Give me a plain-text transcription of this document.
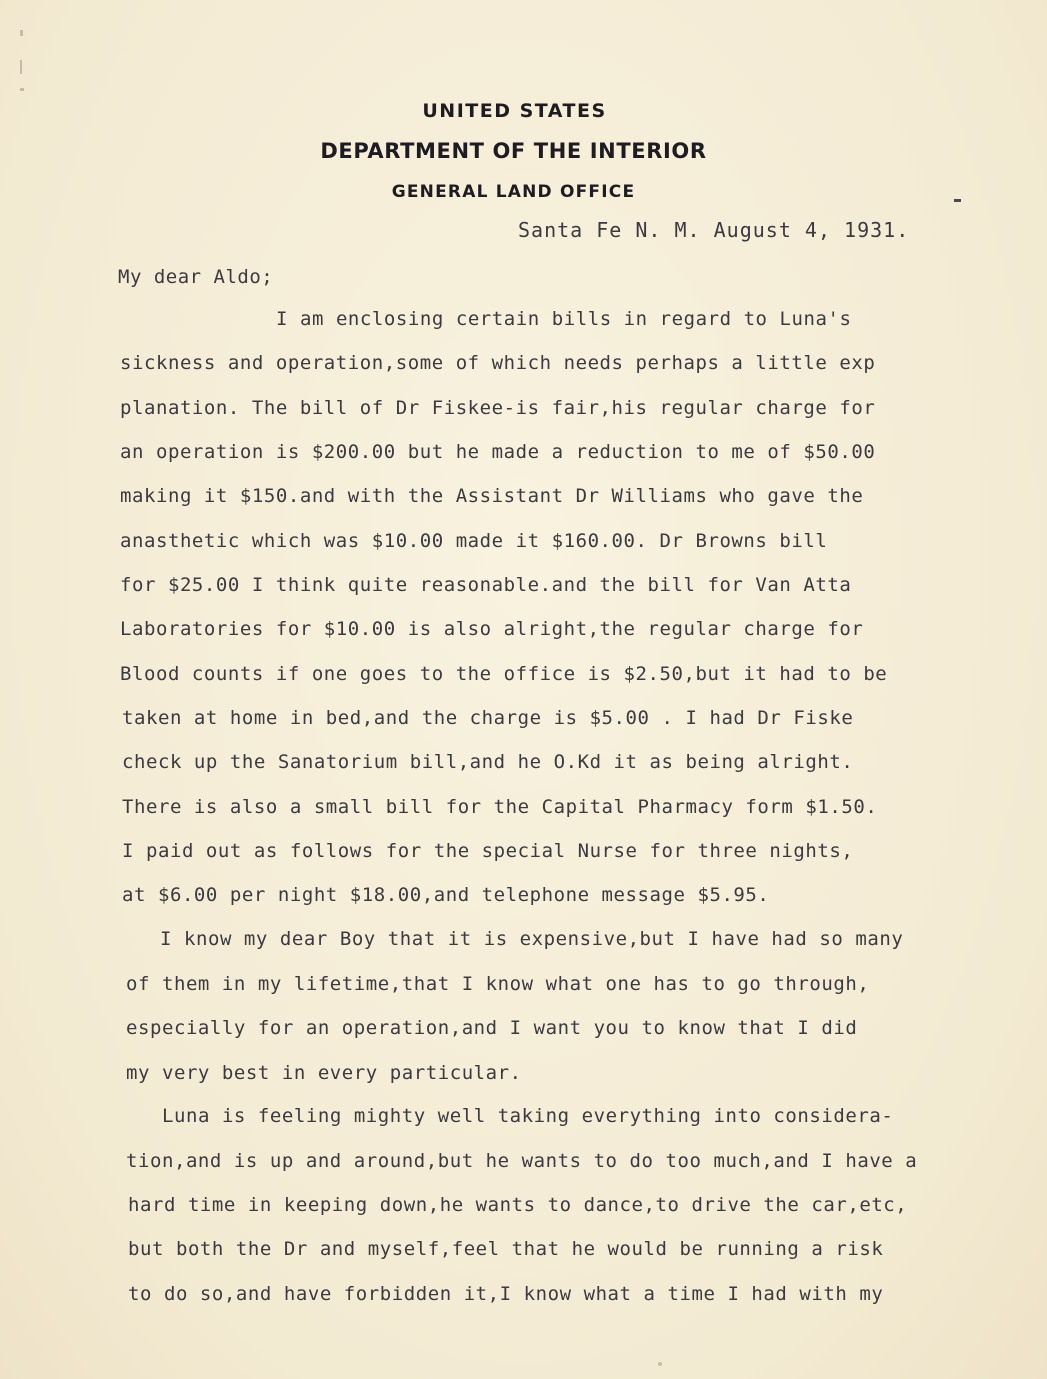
UNITED STATES
DEPARTMENT OF THE INTERIOR
GENERAL LAND OFFICE
Santa Fe N. M. August 4, 1931.
My dear Aldo;
I am enclosing certain bills in regard to Luna's
sickness and operation,some of which needs perhaps a little exp
planation. The bill of Dr Fiskee-is fair,his regular charge for
an operation is $200.00 but he made a reduction to me of $50.00
making it $150.and with the Assistant Dr Williams who gave the
anasthetic which was $10.00 made it $160.00. Dr Browns bill
for $25.00 I think quite reasonable.and the bill for Van Atta
Laboratories for $10.00 is also alright,the regular charge for
Blood counts if one goes to the office is $2.50,but it had to be
taken at home in bed,and the charge is $5.00 . I had Dr Fiske
check up the Sanatorium bill,and he O.Kd it as being alright.
There is also a small bill for the Capital Pharmacy form $1.50.
I paid out as follows for the special Nurse for three nights,
at $6.00 per night $18.00,and telephone message $5.95.
I know my dear Boy that it is expensive,but I have had so many
of them in my lifetime,that I know what one has to go through,
especially for an operation,and I want you to know that I did
my very best in every particular.
Luna is feeling mighty well taking everything into considera-
tion,and is up and around,but he wants to do too much,and I have a
hard time in keeping down,he wants to dance,to drive the car,etc,
but both the Dr and myself,feel that he would be running a risk
to do so,and have forbidden it,I know what a time I had with my
